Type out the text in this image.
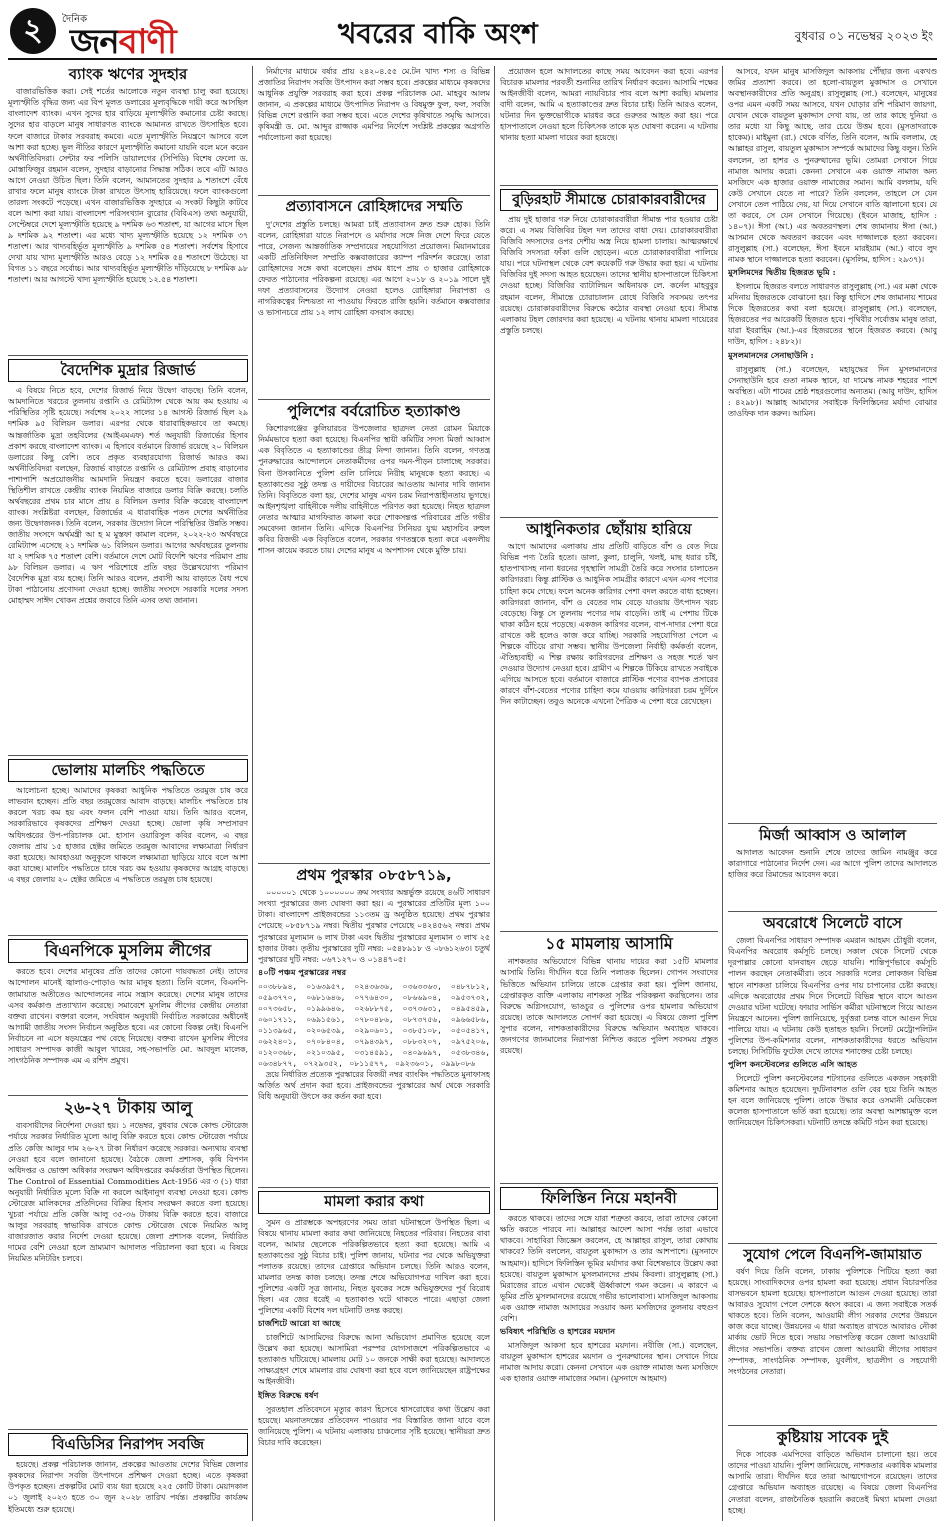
২	দৈনিক
জনবাণী	খবরের বাকি অংশ	বুধবার ০১ নভেম্বর ২০২৩ ইং
ব্যাংক ঋণের সুদহার

বাজারভিত্তিক করা। সেই শর্তের আলোকে নতুন ব্যবস্থা চালু করা হয়েছে। মূল্যস্ফীতি বৃদ্ধির জন্য এর বিপ মূলত ডলারের মূল্যবৃদ্ধিকে দায়ী করে আসছিল বাংলাদেশ ব্যাংক। এখন সুদের হার বাড়িয়ে মূল্যস্ফীতি কমানোর চেষ্টা করছে। সুদের হার বাড়লে মানুষ সাধারণত ব্যাংকে আমানত রাখতে উৎসাহিত হবে। ফলে বাজারে টাকার সরবরাহ কমবে। এতে মূল্যস্ফীতি নিয়ন্ত্রণে আসবে বলে আশা করা হচ্ছে। ভুল নীতির কারণে মূল্যস্ফীতি কমানো যায়নি বলে মনে করেন অর্থনীতিবিদরা। সেন্টার ফর পলিসি ডায়ালগের (সিপিডি) বিশেষ ফেলো ড. মোস্তাফিজুর রহমান বলেন, সুদহার বাড়ানোর সিদ্ধান্ত সঠিক। তবে এটি আরও আগে নেওয়া উচিত ছিল। তিনি বলেন, আমানতের সুদহার ৯ শতাংশে বেঁধে রাখার ফলে মানুষ ব্যাংকে টাকা রাখতে উৎসাহ হারিয়েছে। ফলে ব্যাংকগুলো তারল্য সংকটে পড়েছে। এখন বাজারভিত্তিক সুদহারে এ সংকট কিছুটা কাটবে বলে আশা করা যায়। বাংলাদেশ পরিসংখ্যান ব্যুরোর (বিবিএস) তথ্য অনুযায়ী, সেপ্টেম্বরে দেশে মূল্যস্ফীতি হয়েছে ৯ দশমিক ৬৩ শতাংশ, যা আগের মাসে ছিল ৯ দশমিক ৯২ শতাংশ। এর মধ্যে খাদ্য মূল্যস্ফীতি হয়েছে ১২ দশমিক ৩৭ শতাংশ। আর খাদ্যবহির্ভূত মূল্যস্ফীতি ৯ দশমিক ৫৪ শতাংশ। সর্বশেষ হিসাবে দেখা যায় খাদ্য মূল্যস্ফীতি আরও বেড়ে ১২ দশমিক ৫৪ শতাংশে উঠেছে। যা বিগত ১১ বছরে সর্বোচ্চ। আর খাদ্যবহির্ভূত মূল্যস্ফীতি দাঁড়িয়েছে ৮ দশমিক ৯৮ শতাংশ। আর আগস্টে খাদ্য মূল্যস্ফীতি হয়েছে ১২.৫৪ শতাংশ।

বৈদেশিক মুদ্রার রিজার্ভ

এ বিষয়ে নিতে হবে, দেশের রিজার্ভ নিয়ে উদ্বেগ বাড়ছে। তিনি বলেন, আমদানিতে খরচের তুলনায় রপ্তানি ও রেমিট্যান্স থেকে আয় কম হওয়ায় এ পরিস্থিতির সৃষ্টি হয়েছে। সর্বশেষ ২০২২ সালের ১৪ আগস্ট রিজার্ভ ছিল ২৯ দশমিক ৯৫ বিলিয়ন ডলার। এরপর থেকে ধারাবাহিকভাবে তা কমছে। আন্তর্জাতিক মুদ্রা তহবিলের (আইএমএফ) শর্ত অনুযায়ী রিজার্ভের হিসাব প্রকাশ করছে বাংলাদেশ ব্যাংক। এ হিসাবে বর্তমানে রিজার্ভ রয়েছে ২০ বিলিয়ন ডলারের কিছু বেশি। তবে প্রকৃত ব্যবহারযোগ্য রিজার্ভ আরও কম। অর্থনীতিবিদরা বলছেন, রিজার্ভ বাড়াতে রপ্তানি ও রেমিট্যান্স প্রবাহ বাড়ানোর পাশাপাশি অপ্রয়োজনীয় আমদানি নিয়ন্ত্রণ করতে হবে। ডলারের বাজার স্থিতিশীল রাখতে কেন্দ্রীয় ব্যাংক নিয়মিত বাজারে ডলার বিক্রি করছে। চলতি অর্থবছরের প্রথম চার মাসে প্রায় ৪ বিলিয়ন ডলার বিক্রি করেছে বাংলাদেশ ব্যাংক। সংশ্লিষ্টরা বলছেন, রিজার্ভের এ ধারাবাহিক পতন দেশের অর্থনীতির জন্য উদ্বেগজনক। তিনি বলেন, সরকার উদ্যোগ নিলে পরিস্থিতির উন্নতি সম্ভব। জাতীয় সংসদে অর্থমন্ত্রী আ হ ম মুস্তফা কামাল বলেন, ২০২২-২৩ অর্থবছরে রেমিট্যান্স এসেছে ২১ দশমিক ৬১ বিলিয়ন ডলার। আগের অর্থবছরের তুলনায় যা ২ দশমিক ৭৫ শতাংশ বেশি। বর্তমানে দেশে মোট বিদেশি ঋণের পরিমাণ প্রায় ৯৮ বিলিয়ন ডলার। এ ঋণ পরিশোধে প্রতি বছর উল্লেখযোগ্য পরিমাণ বৈদেশিক মুদ্রা ব্যয় হচ্ছে। তিনি আরও বলেন, প্রবাসী আয় বাড়াতে বৈধ পথে টাকা পাঠানোয় প্রণোদনা দেওয়া হচ্ছে। জাতীয় সংসদে সরকারি দলের সদস্য মোহাম্মদ সাঈদ খোকন প্রশ্নের জবাবে তিনি এসব তথ্য জানান।

ভোলায় মালচিং পদ্ধতিতে

আলোচনা হচ্ছে। আমাদের কৃষকরা আধুনিক পদ্ধতিতে তরমুজ চাষ করে লাভবান হচ্ছেন। প্রতি বছর তরমুজের আবাদ বাড়ছে। মালচিং পদ্ধতিতে চাষ করলে খরচ কম হয় এবং ফলন বেশি পাওয়া যায়। তিনি আরও বলেন, সরকারিভাবে কৃষকদের প্রশিক্ষণ দেওয়া হচ্ছে। ভোলা কৃষি সম্প্রসারণ অধিদপ্তরের উপ-পরিচালক মো. হাসান ওয়ারিসুল কবির বলেন, এ বছর জেলায় প্রায় ১৫ হাজার হেক্টর জমিতে তরমুজ আবাদের লক্ষ্যমাত্রা নির্ধারণ করা হয়েছে। আবহাওয়া অনুকূলে থাকলে লক্ষ্যমাত্রা ছাড়িয়ে যাবে বলে আশা করা যাচ্ছে। মালচিং পদ্ধতিতে চাষে খরচ কম হওয়ায় কৃষকদের আগ্রহ বাড়ছে। এ বছর জেলায় ২০ হেক্টর জমিতে এ পদ্ধতিতে তরমুজ চাষ হয়েছে।

বিএনপিকে মুসলিম লীগের

করতে হবে। দেশের মানুষের প্রতি তাদের কোনো দায়বদ্ধতা নেই। তাদের আন্দোলন মানেই জ্বালাও-পোড়াও আর মানুষ হত্যা। তিনি বলেন, বিএনপি-জামায়াত অতীতেও আন্দোলনের নামে সন্ত্রাস করেছে। দেশের মানুষ তাদের এসব কর্মকাণ্ড প্রত্যাখ্যান করেছে। সমাবেশে মুসলিম লীগের কেন্দ্রীয় নেতারা বক্তব্য রাখেন। বক্তারা বলেন, সংবিধান অনুযায়ী নির্বাচিত সরকারের অধীনেই আগামী জাতীয় সংসদ নির্বাচন অনুষ্ঠিত হবে। এর কোনো বিকল্প নেই। বিএনপি নির্বাচনে না এসে ষড়যন্ত্রের পথ বেছে নিয়েছে। বক্তব্য রাখেন মুসলিম লীগের সাধারণ সম্পাদক কাজী আবুল খায়ের, সহ-সভাপতি মো. আবদুল মালেক, সাংগঠনিক সম্পাদক এম এ রশিদ প্রমুখ।

২৬-২৭ টাকায় আলু

ব্যবসায়ীদের নির্দেশনা দেওয়া হয়। ১ নভেম্বর, বুধবার থেকে কোল্ড স্টোরেজ পর্যায়ে সরকার নির্ধারিত মূল্যে আলু বিক্রি করতে হবে। কোল্ড স্টোরেজ পর্যায়ে প্রতি কেজি আলুর দাম ২৬-২৭ টাকা নির্ধারণ করেছে সরকার। অন্যথায় ব্যবস্থা নেওয়া হবে বলে জানানো হয়েছে। বৈঠকে জেলা প্রশাসক, কৃষি বিপণন অধিদপ্তর ও ভোক্তা অধিকার সংরক্ষণ অধিদপ্তরের কর্মকর্তারা উপস্থিত ছিলেন। The Control of Essential Commodities Act-1956 এর ৩ (১) ধারা অনুযায়ী নির্ধারিত মূল্যে বিক্রি না করলে আইনানুগ ব্যবস্থা নেওয়া হবে। কোল্ড স্টোরেজ মালিকদের প্রতিদিনের বিক্রির হিসাব সংরক্ষণ করতে বলা হয়েছে। খুচরা পর্যায়ে প্রতি কেজি আলু ৩৫-৩৬ টাকায় বিক্রি করতে হবে। বাজারে আলুর সরবরাহ স্বাভাবিক রাখতে কোল্ড স্টোরেজ থেকে নিয়মিত আলু বাজারজাত করার নির্দেশ দেওয়া হয়েছে। জেলা প্রশাসক বলেন, নির্ধারিত দামের বেশি নেওয়া হলে ভ্রাম্যমাণ আদালত পরিচালনা করা হবে। এ বিষয়ে নিয়মিত মনিটরিং চলবে।

বিএডিসির নিরাপদ সবজি

হয়েছে। প্রকল্প পরিচালক জানান, প্রকল্পের আওতায় দেশের বিভিন্ন জেলার কৃষকদের নিরাপদ সবজি উৎপাদনে প্রশিক্ষণ দেওয়া হচ্ছে। এতে কৃষকরা উপকৃত হচ্ছেন। প্রকল্পটির মোট ব্যয় ধরা হয়েছে ২২৫ কোটি টাকা। মেয়াদকাল ০১ জুলাই ২০২৩ হতে ৩০ জুন ২০২৮ তারিখ পর্যন্ত। প্রকল্পটির কার্যক্রম ইতিমধ্যে শুরু হয়েছে।

নির্মাণের মাধ্যমে বর্ষার প্রায় ২৪২০৪.৫৫ মে.টন খাদ্য শস্য ও বিভিন্ন প্রজাতির নিরাপদ সবজি উৎপাদন করা সম্ভব হবে। প্রকল্পের মাধ্যমে কৃষকদের আধুনিক প্রযুক্তি সরবরাহ করা হবে। প্রকল্প পরিচালক মো. মাহবুব আলম জানান, এ প্রকল্পের মাধ্যমে উৎপাদিত নিরাপদ ও বিষমুক্ত ফুল, ফল, সবজি বিভিন্ন দেশে রপ্তানি করা সম্ভব হবে। এতে দেশের কৃষিখাতে সমৃদ্ধি আসবে। কৃষিমন্ত্রী ড. মো. আব্দুর রাজ্জাক এমপির নির্দেশে সংশ্লিষ্ট প্রকল্পের অগ্রগতি পর্যালোচনা করা হয়েছে।

প্রত্যাবাসনে রোহিঙ্গাদের সম্মতি

দু'দেশের প্রস্তুতি চলছে। আমরা চাই প্রত্যাবাসন দ্রুত শুরু হোক। তিনি বলেন, রোহিঙ্গারা যাতে নিরাপদে ও মর্যাদার সঙ্গে নিজ দেশে ফিরে যেতে পারে, সেজন্য আন্তর্জাতিক সম্প্রদায়ের সহযোগিতা প্রয়োজন। মিয়ানমারের একটি প্রতিনিধিদল সম্প্রতি কক্সবাজারের ক্যাম্প পরিদর্শন করেছে। তারা রোহিঙ্গাদের সঙ্গে কথা বলেছেন। প্রথম ধাপে প্রায় ৩ হাজার রোহিঙ্গাকে ফেরত পাঠানোর পরিকল্পনা রয়েছে। এর আগে ২০১৮ ও ২০১৯ সালে দুই দফা প্রত্যাবাসনের উদ্যোগ নেওয়া হলেও রোহিঙ্গারা নিরাপত্তা ও নাগরিকত্বের নিশ্চয়তা না পাওয়ায় ফিরতে রাজি হয়নি। বর্তমানে কক্সবাজার ও ভাসানচরে প্রায় ১২ লাখ রোহিঙ্গা বসবাস করছে।

পুলিশের বর্বরোচিত হত্যাকাণ্ড

কিশোরগঞ্জের কুলিয়ারচর উপজেলার ছাত্রদল নেতা রোমন মিয়াকে নির্মমভাবে হত্যা করা হয়েছে। বিএনপির স্থায়ী কমিটির সদস্য মির্জা আব্বাস এক বিবৃতিতে এ হত্যাকাণ্ডের তীব্র নিন্দা জানান। তিনি বলেন, গণতন্ত্র পুনরুদ্ধারের আন্দোলনে নেতাকর্মীদের ওপর দমন-পীড়ন চালাচ্ছে সরকার। বিনা উসকানিতে পুলিশ গুলি চালিয়ে নিরীহ মানুষকে হত্যা করছে। এ হত্যাকাণ্ডের সুষ্ঠু তদন্ত ও দায়ীদের বিচারের আওতায় আনার দাবি জানান তিনি। বিবৃতিতে বলা হয়, দেশের মানুষ এখন চরম নিরাপত্তাহীনতায় ভুগছে। আইনশৃঙ্খলা বাহিনীকে দলীয় বাহিনীতে পরিণত করা হয়েছে। নিহত ছাত্রদল নেতার আত্মার মাগফিরাত কামনা করে শোকসন্তপ্ত পরিবারের প্রতি গভীর সমবেদনা জানান তিনি। এদিকে বিএনপির সিনিয়র যুগ্ম মহাসচিব রুহুল কবির রিজভী এক বিবৃতিতে বলেন, সরকার গণতন্ত্রকে হত্যা করে একদলীয় শাসন কায়েম করতে চায়। দেশের মানুষ এ অপশাসন থেকে মুক্তি চায়।

প্রথম পুরস্কার ০৮৫৮৭১৯,

০০০০০১ থেকে ১০০০০০০ ক্রম সংখ্যার অন্তর্ভুক্ত রয়েছে ৪৬টি সাধারণ সংখ্যা পুরস্কারের জন্য ঘোষণা করা হয়। এ পুরস্কারের প্রতিটির মূল্য ১০০ টাকা। বাংলাদেশ প্রাইজবন্ডের ১১৩তম ড্র অনুষ্ঠিত হয়েছে। প্রথম পুরস্কার পেয়েছে ০৮৫৮৭১৯ নম্বর। দ্বিতীয় পুরস্কার পেয়েছে ০৪২৪৫৬২ নম্বর। প্রথম পুরস্কারের মূল্যমান ৬ লাখ টাকা এবং দ্বিতীয় পুরস্কারের মূল্যমান ৩ লাখ ২৫ হাজার টাকা। তৃতীয় পুরস্কারের দুটি নম্বর: ০৫৪৮৯১৮ ও ০৮৬১২৬৩। চতুর্থ পুরস্কারের দুটি নম্বর: ০৬৭১২৭০ ও ০১৪৪৭০৫।

৪০টি পঞ্চম পুরস্কারের নম্বর
০০৩৮৮৯৪, ০১৬৩৯৫৭, ০২৪৩৬৩৬, ০৩৬৩৩৬৩, ০৪৮৭৮১২, ০৫৯৩৭৭০, ০৬৮১৬৪৬, ০৭৭৬৪৩০, ০৮৬৬৯০৪, ০৯৫৩৭৩২, ০০৭৩৬৫৮, ০১৯৯৬৪৬, ০২৬৮৮৭৫, ০৩৭৩৬৩১, ০৪৯৫৪৫৯, ০৬০১৭১১, ০৬৯১৫৬১, ০৭৮০৪৮৬, ০৮৭৩৭৫৬, ০৯৬৬৫৮৬, ০১১৩৯৬৫, ০২০৬৫৩৯, ০২৯০৬০১, ০৩৮৫১০৮, ০৫০৫৪১৭, ০৬২২৪০১, ০৭০৮৪০৪, ০৭৯৪৩৯৭, ০৮৮৩২০৭, ০৯৭৫২০৬, ০১২০৩৬৮, ০২১০৩৯৫, ০৩১৪৫৯১, ০৪০৯৬৯৭, ০৫৩৮৩৪৬, ০৬৩৪৮৭৭, ০৭২৯৩৫২, ০৮১১৫৭৭, ০৯২৩৬০১, ০৯৯৮০৮৬

দ্রয়ে নির্ধারিত প্রত্যেক পুরস্কারের বিজয়ী নম্বর ব্যাংকিং পদ্ধতিতে মুনাফাসহ অর্জিত অর্থ প্রদান করা হবে। প্রাইজবন্ডের পুরস্কারের অর্থ থেকে সরকারি বিধি অনুযায়ী উৎসে কর কর্তন করা হবে।

মামলা করার কথা

সুমন ও প্রারম্ভকে অপহরণের সময় তারা ঘটনাস্থলে উপস্থিত ছিল। এ বিষয়ে থানায় মামলা করার কথা জানিয়েছে নিহতের পরিবার। নিহতের বাবা বলেন, আমার ছেলেকে পরিকল্পিতভাবে হত্যা করা হয়েছে। আমি এ হত্যাকাণ্ডের সুষ্ঠু বিচার চাই। পুলিশ জানায়, ঘটনার পর থেকে অভিযুক্তরা পলাতক রয়েছে। তাদের গ্রেপ্তারে অভিযান চলছে। তিনি আরও বলেন, মামলার তদন্ত কাজ চলছে। তদন্ত শেষে অভিযোগপত্র দাখিল করা হবে। পুলিশের একটি সূত্র জানায়, নিহত যুবকের সঙ্গে অভিযুক্তদের পূর্ব বিরোধ ছিল। এর জের ধরেই এ হত্যাকাণ্ড ঘটে থাকতে পারে। এছাড়া জেলা পুলিশের একটি বিশেষ দল ঘটনাটি তদন্ত করছে।

চার্জশিটে আরো যা আছে

চার্জশিটে আসামিদের বিরুদ্ধে আনা অভিযোগ প্রমাণিত হয়েছে বলে উল্লেখ করা হয়েছে। আসামিরা পরস্পর যোগসাজশে পরিকল্পিতভাবে এ হত্যাকাণ্ড ঘটিয়েছে। মামলায় মোট ১০ জনকে সাক্ষী করা হয়েছে। আদালতে সাক্ষ্যগ্রহণ শেষে মামলার রায় ঘোষণা করা হবে বলে জানিয়েছেন রাষ্ট্রপক্ষের আইনজীবী।

ইঙ্গিত বিরুদ্ধে ধর্ষণ

সুরতহাল প্রতিবেদনে মৃত্যুর কারণ হিসেবে শ্বাসরোধের কথা উল্লেখ করা হয়েছে। ময়নাতদন্তের প্রতিবেদন পাওয়ার পর বিস্তারিত জানা যাবে বলে জানিয়েছে পুলিশ। এ ঘটনায় এলাকায় চাঞ্চল্যের সৃষ্টি হয়েছে। স্থানীয়রা দ্রুত বিচার দাবি করেছেন।

প্রয়োজন হলে আদালতের কাছে সময় আবেদন করা হবে। এরপর বিচারক মামলার পরবর্তী শুনানির তারিখ নির্ধারণ করেন। আসামি পক্ষের আইনজীবী বলেন, আমরা ন্যায়বিচার পাব বলে আশা করছি। মামলার বাদী বলেন, আমি এ হত্যাকাণ্ডের দ্রুত বিচার চাই। তিনি আরও বলেন, ঘটনার দিন ভুক্তভোগীকে মারধর করে গুরুতর আহত করা হয়। পরে হাসপাতালে নেওয়া হলে চিকিৎসক তাকে মৃত ঘোষণা করেন। এ ঘটনায় থানায় হত্যা মামলা দায়ের করা হয়েছে।

বুড়িরহাট সীমান্তে চোরাকারবারীদের

প্রায় দুই হাজার গরু নিয়ে চোরাকারবারীরা সীমান্ত পার হওয়ার চেষ্টা করে। এ সময় বিজিবির টহল দল তাদের বাধা দেয়। চোরাকারবারীরা বিজিবি সদস্যদের ওপর দেশীয় অস্ত্র নিয়ে হামলা চালায়। আত্মরক্ষার্থে বিজিবি সদস্যরা ফাঁকা গুলি ছোড়েন। এতে চোরাকারবারীরা পালিয়ে যায়। পরে ঘটনাস্থল থেকে বেশ কয়েকটি গরু উদ্ধার করা হয়। এ ঘটনায় বিজিবির দুই সদস্য আহত হয়েছেন। তাদের স্থানীয় হাসপাতালে চিকিৎসা দেওয়া হচ্ছে। বিজিবির ব্যাটালিয়ন অধিনায়ক লে. কর্নেল মাহবুবুর রহমান বলেন, সীমান্তে চোরাচালান রোধে বিজিবি সবসময় তৎপর রয়েছে। চোরাকারবারীদের বিরুদ্ধে কঠোর ব্যবস্থা নেওয়া হবে। সীমান্ত এলাকায় টহল জোরদার করা হয়েছে। এ ঘটনায় থানায় মামলা দায়েরের প্রস্তুতি চলছে।

আধুনিকতার ছোঁয়ায় হারিয়ে

আগে আমাদের এলাকায় প্রায় প্রতিটি বাড়িতে বাঁশ ও বেত দিয়ে বিভিন্ন পণ্য তৈরি হতো। ডালা, কুলা, চালুনি, খলই, মাছ ধরার চাঁই, হাতপাখাসহ নানা ধরনের গৃহস্থালি সামগ্রী তৈরি করে সংসার চালাতেন কারিগররা। কিন্তু প্লাস্টিক ও আধুনিক সামগ্রীর কারণে এখন এসব পণ্যের চাহিদা কমে গেছে। ফলে অনেক কারিগর পেশা বদল করতে বাধ্য হচ্ছেন। কারিগররা জানান, বাঁশ ও বেতের দাম বেড়ে যাওয়ায় উৎপাদন খরচ বেড়েছে। কিন্তু সে তুলনায় পণ্যের দাম বাড়েনি। তাই এ পেশায় টিকে থাকা কঠিন হয়ে পড়েছে। একজন কারিগর বলেন, বাপ-দাদার পেশা ধরে রাখতে কষ্ট হলেও কাজ করে যাচ্ছি। সরকারি সহযোগিতা পেলে এ শিল্পকে বাঁচিয়ে রাখা সম্ভব। স্থানীয় উপজেলা নির্বাহী কর্মকর্তা বলেন, ঐতিহ্যবাহী এ শিল্প রক্ষায় কারিগরদের প্রশিক্ষণ ও সহজ শর্তে ঋণ দেওয়ার উদ্যোগ নেওয়া হবে। গ্রামীণ এ শিল্পকে টিকিয়ে রাখতে সবাইকে এগিয়ে আসতে হবে। বর্তমানে বাজারে প্লাস্টিক পণ্যের ব্যাপক প্রসারের কারণে বাঁশ-বেতের পণ্যের চাহিদা কমে যাওয়ায় কারিগররা চরম দুর্দিনে দিন কাটাচ্ছেন। তবুও অনেকে এখনো পৈত্রিক এ পেশা ধরে রেখেছেন।

১৫ মামলায় আসামি

নাশকতার অভিযোগে বিভিন্ন থানায় দায়ের করা ১৫টি মামলার আসামি তিনি। দীর্ঘদিন ধরে তিনি পলাতক ছিলেন। গোপন সংবাদের ভিত্তিতে অভিযান চালিয়ে তাকে গ্রেপ্তার করা হয়। পুলিশ জানায়, গ্রেপ্তারকৃত ব্যক্তি এলাকায় নাশকতা সৃষ্টির পরিকল্পনা করছিলেন। তার বিরুদ্ধে অগ্নিসংযোগ, ভাঙচুর ও পুলিশের ওপর হামলার অভিযোগ রয়েছে। তাকে আদালতে সোপর্দ করা হয়েছে। এ বিষয়ে জেলা পুলিশ সুপার বলেন, নাশকতাকারীদের বিরুদ্ধে অভিযান অব্যাহত থাকবে। জনগণের জানমালের নিরাপত্তা নিশ্চিত করতে পুলিশ সবসময় প্রস্তুত রয়েছে।

ফিলিস্তিন নিয়ে মহানবী

করতে থাকবে। তাদের সঙ্গে যারা শত্রুতা করবে, তারা তাদের কোনো ক্ষতি করতে পারবে না। আল্লাহর আদেশ আসা পর্যন্ত তারা এভাবে থাকবে। সাহাবিরা জিজ্ঞেস করলেন, হে আল্লাহর রাসুল, তারা কোথায় থাকবে? তিনি বললেন, বায়তুল মুকাদ্দাস ও তার আশপাশে। (মুসনাদে আহমাদ)। হাদিসে ফিলিস্তিন ভূমির মর্যাদার কথা বিশেষভাবে উল্লেখ করা হয়েছে। বায়তুল মুকাদ্দাস মুসলমানদের প্রথম কিবলা। রাসুলুল্লাহ (সা.) মিরাজের রাতে এখান থেকেই ঊর্ধ্বাকাশে গমন করেন। এ কারণে এ ভূমির প্রতি মুসলমানদের রয়েছে গভীর ভালোবাসা। মাসজিদুল আকসায় এক ওয়াক্ত নামাজ আদায়ের সওয়াব অন্য মসজিদের তুলনায় বহুগুণ বেশি।

ভবিষ্যৎ পরিস্থিতি ও হাশরের ময়দান

মাসজিদুল আকসা হবে হাশরের ময়দান। নবীজি (সা.) বলেছেন, বায়তুল মুকাদ্দাস হাশরের ময়দান ও পুনরুত্থানের স্থান। সেখানে গিয়ে নামাজ আদায় করো। কেননা সেখানে এক ওয়াক্ত নামাজ অন্য মসজিদে এক হাজার ওয়াক্ত নামাজের সমান। (মুসনাদে আহমাদ)

আসবে, যখন মানুষ মাসজিদুল আকসায় পৌঁছার জন্য একখণ্ড জমির প্রত্যাশা করবে। তা হলো-বায়তুল মুকাদ্দাস ও সেখানে অবস্থানকারীদের প্রতি অনুগ্রহ। রাসুলুল্লাহ (সা.) বলেছেন, মানুষের ওপর এমন একটি সময় আসবে, যখন ঘোড়ার রশি পরিমাণ জায়গা, যেখান থেকে বায়তুল মুকাদ্দাস দেখা যায়, তা তার কাছে দুনিয়া ও তার মধ্যে যা কিছু আছে, তার চেয়ে উত্তম হবে। (মুসতাদরাকে হাকেম)। মাইমুনা (রা.) থেকে বর্ণিত, তিনি বলেন, আমি বললাম, হে আল্লাহর রাসুল, বায়তুল মুকাদ্দাস সম্পর্কে আমাদের কিছু বলুন। তিনি বললেন, তা হাশর ও পুনরুত্থানের ভূমি। তোমরা সেখানে গিয়ে নামাজ আদায় করো। কেননা সেখানে এক ওয়াক্ত নামাজ অন্য মসজিদে এক হাজার ওয়াক্ত নামাজের সমান। আমি বললাম, যদি কেউ সেখানে যেতে না পারে? তিনি বললেন, তাহলে সে যেন সেখানে তেল পাঠিয়ে দেয়, যা দিয়ে সেখানে বাতি জ্বালানো হবে। যে তা করবে, সে যেন সেখানে গিয়েছে। (ইবনে মাজাহ, হাদিস : ১৪০৭)। ঈসা (আ.) এর অবতরণস্থল। শেষ জামানায় ঈসা (আ.) আসমান থেকে অবতরণ করবেন এবং দাজ্জালকে হত্যা করবেন। রাসুলুল্লাহ (সা.) বলেছেন, ঈসা ইবনে মারইয়াম (আ.) বাবে লুদ নামক স্থানে দাজ্জালকে হত্যা করবেন। (মুসলিম, হাদিস : ২৯৩৭)।

মুসলিমদের দ্বিতীয় হিজরত ভূমি :

ইসলামে হিজরত বলতে সাধারণত রাসুলুল্লাহ (সা.) এর মক্কা থেকে মদিনায় হিজরতকে বোঝানো হয়। কিন্তু হাদিসে শেষ জামানায় শামের দিকে হিজরতের কথা বলা হয়েছে। রাসুলুল্লাহ (সা.) বলেছেন, হিজরতের পর আরেকটি হিজরত হবে। পৃথিবীর সর্বোত্তম মানুষ তারা, যারা ইবরাহিম (আ.)-এর হিজরতের স্থানে হিজরত করবে। (আবু দাউদ, হাদিস : ২৪৮২)।

মুসলমানদের সেনাছাউনি :

রাসুলুল্লাহ (সা.) বলেছেন, মহাযুদ্ধের দিন মুসলমানদের সেনাছাউনি হবে গুতা নামক স্থানে, যা দামেস্ক নামক শহরের পাশে অবস্থিত। এটা শামের শ্রেষ্ঠ শহরগুলোর অন্যতম। (আবু দাউদ, হাদিস : ৪২৯৮)। আল্লাহ আমাদের সবাইকে ফিলিস্তিনের মর্যাদা বোঝার তাওফিক দান করুন। আমিন।

মির্জা আব্বাস ও আলাল

আদালত আবেদন শুনানি শেষে তাদের জামিন নামঞ্জুর করে কারাগারে পাঠানোর নির্দেশ দেন। এর আগে পুলিশ তাদের আদালতে হাজির করে রিমান্ডের আবেদন করে।

অবরোধে সিলেটে বাসে

জেলা বিএনপির সাধারণ সম্পাদক এমরান আহমদ চৌধুরী বলেন, বিএনপির অবরোধ কর্মসূচি চলছে। সকাল থেকে সিলেট থেকে দূরপাল্লার কোনো যানবাহন ছেড়ে যায়নি। শান্তিপূর্ণভাবে কর্মসূচি পালন করছেন নেতাকর্মীরা। তবে সরকারি দলের লোকজন বিভিন্ন স্থানে নাশকতা চালিয়ে বিএনপির ওপর দায় চাপানোর চেষ্টা করছে। এদিকে অবরোধের প্রথম দিনে সিলেটে বিভিন্ন স্থানে বাসে আগুন দেওয়ার ঘটনা ঘটেছে। ফায়ার সার্ভিস কর্মীরা ঘটনাস্থলে গিয়ে আগুন নিয়ন্ত্রণে আনেন। পুলিশ জানিয়েছে, দুর্বৃত্তরা চলন্ত বাসে আগুন দিয়ে পালিয়ে যায়। এ ঘটনায় কেউ হতাহত হয়নি। সিলেট মেট্রোপলিটন পুলিশের উপ-কমিশনার বলেন, নাশকতাকারীদের ধরতে অভিযান চলছে। সিসিটিভি ফুটেজ দেখে তাদের শনাক্তের চেষ্টা চলছে।

পুলিশ কনস্টেবলের গুলিতে এসি আহত

সিলেটে পুলিশ কনস্টেবলের শটগানের গুলিতে একজন সহকারী কমিশনার আহত হয়েছেন। দুর্ঘটনাবশত গুলি বের হয়ে তিনি আহত হন বলে জানিয়েছে পুলিশ। তাকে উদ্ধার করে ওসমানী মেডিকেল কলেজ হাসপাতালে ভর্তি করা হয়েছে। তার অবস্থা আশঙ্কামুক্ত বলে জানিয়েছেন চিকিৎসকরা। ঘটনাটি তদন্তে কমিটি গঠন করা হয়েছে।

সুযোগ পেলে বিএনপি-জামায়াত

বর্ষণ দিয়ে তিনি বলেন, ঢাকায় পুলিশকে পিটিয়ে হত্যা করা হয়েছে। সাংবাদিকদের ওপর হামলা করা হয়েছে। প্রধান বিচারপতির বাসভবনে হামলা হয়েছে। হাসপাতালে আগুন দেওয়া হয়েছে। তারা আবারও সুযোগ পেলে দেশকে ধ্বংস করবে। এ জন্য সবাইকে সতর্ক থাকতে হবে। তিনি বলেন, আওয়ামী লীগ সরকার দেশের উন্নয়নে কাজ করে যাচ্ছে। উন্নয়নের এ ধারা অব্যাহত রাখতে আবারও নৌকা মার্কায় ভোট দিতে হবে। সভায় সভাপতিত্ব করেন জেলা আওয়ামী লীগের সভাপতি। বক্তব্য রাখেন জেলা আওয়ামী লীগের সাধারণ সম্পাদক, সাংগঠনিক সম্পাদক, যুবলীগ, ছাত্রলীগ ও সহযোগী সংগঠনের নেতারা।

কুষ্টিয়ায় সাবেক দুই

দিকে সাবেক এমপিদের বাড়িতে অভিযান চালানো হয়। তবে তাদের পাওয়া যায়নি। পুলিশ জানিয়েছে, নাশকতার একাধিক মামলার আসামি তারা। দীর্ঘদিন ধরে তারা আত্মগোপনে রয়েছেন। তাদের গ্রেপ্তারে অভিযান অব্যাহত রয়েছে। এ বিষয়ে জেলা বিএনপির নেতারা বলেন, রাজনৈতিক হয়রানি করতেই মিথ্যা মামলা দেওয়া হচ্ছে।
